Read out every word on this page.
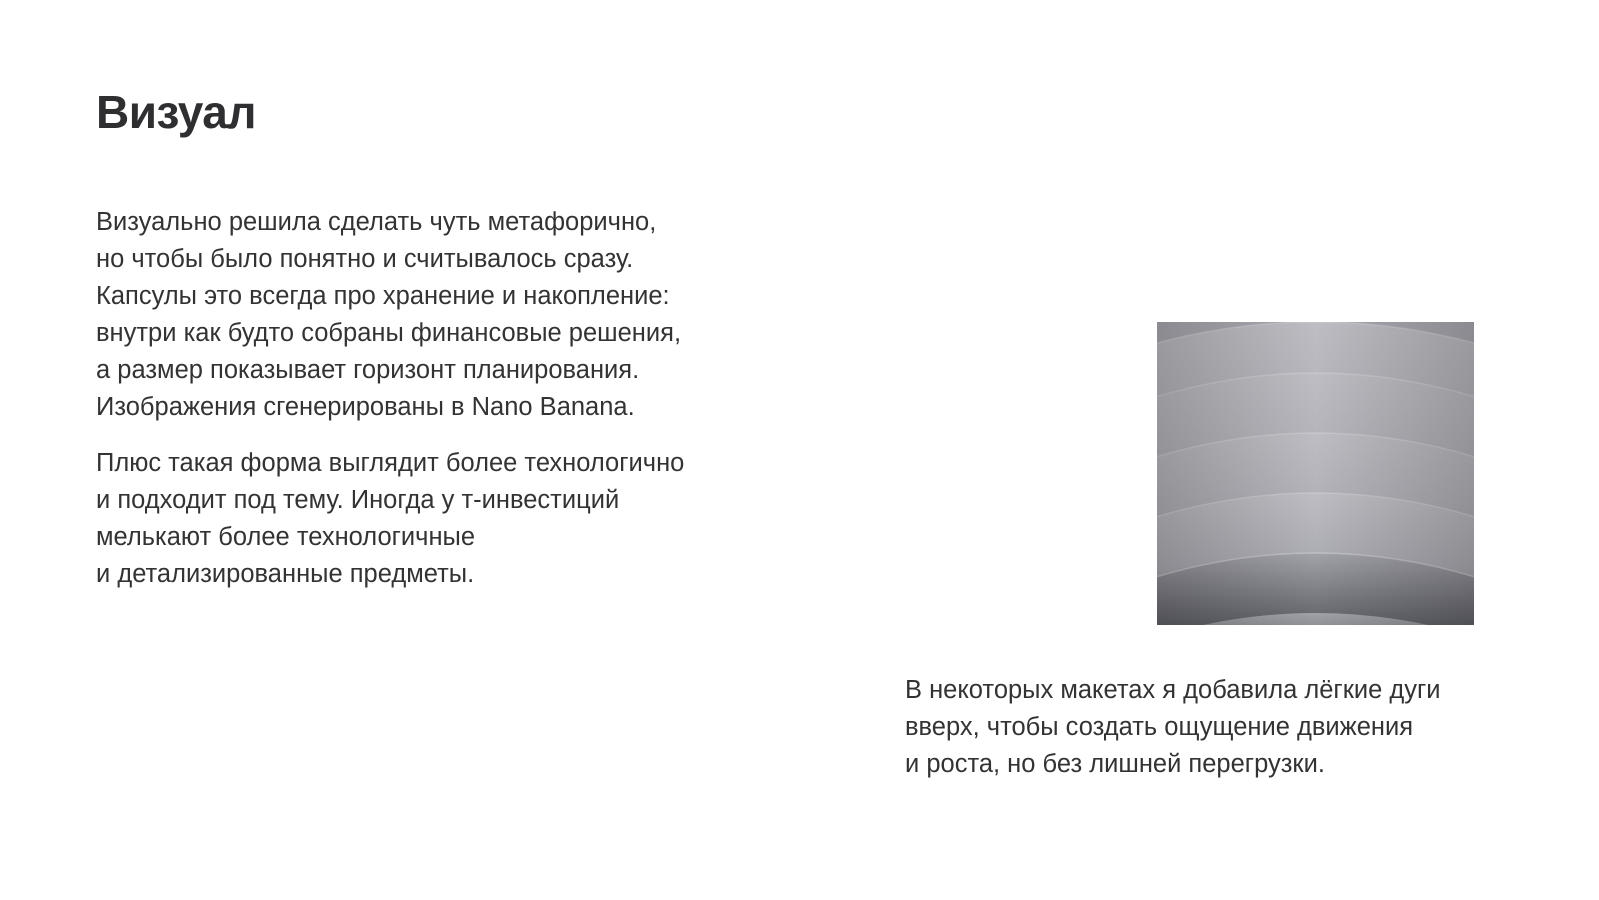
Визуал

Визуально решила сделать чуть метафорично,
но чтобы было понятно и считывалось сразу.
Капсулы это всегда про хранение и накопление:
внутри как будто собраны финансовые решения,
а размер показывает горизонт планирования.
Изображения сгенерированы в Nano Banana.

Плюс такая форма выглядит более технологично
и подходит под тему. Иногда у т-инвестиций
мелькают более технологичные
и детализированные предметы.

В некоторых макетах я добавила лёгкие дуги
вверх, чтобы создать ощущение движения
и роста, но без лишней перегрузки.
